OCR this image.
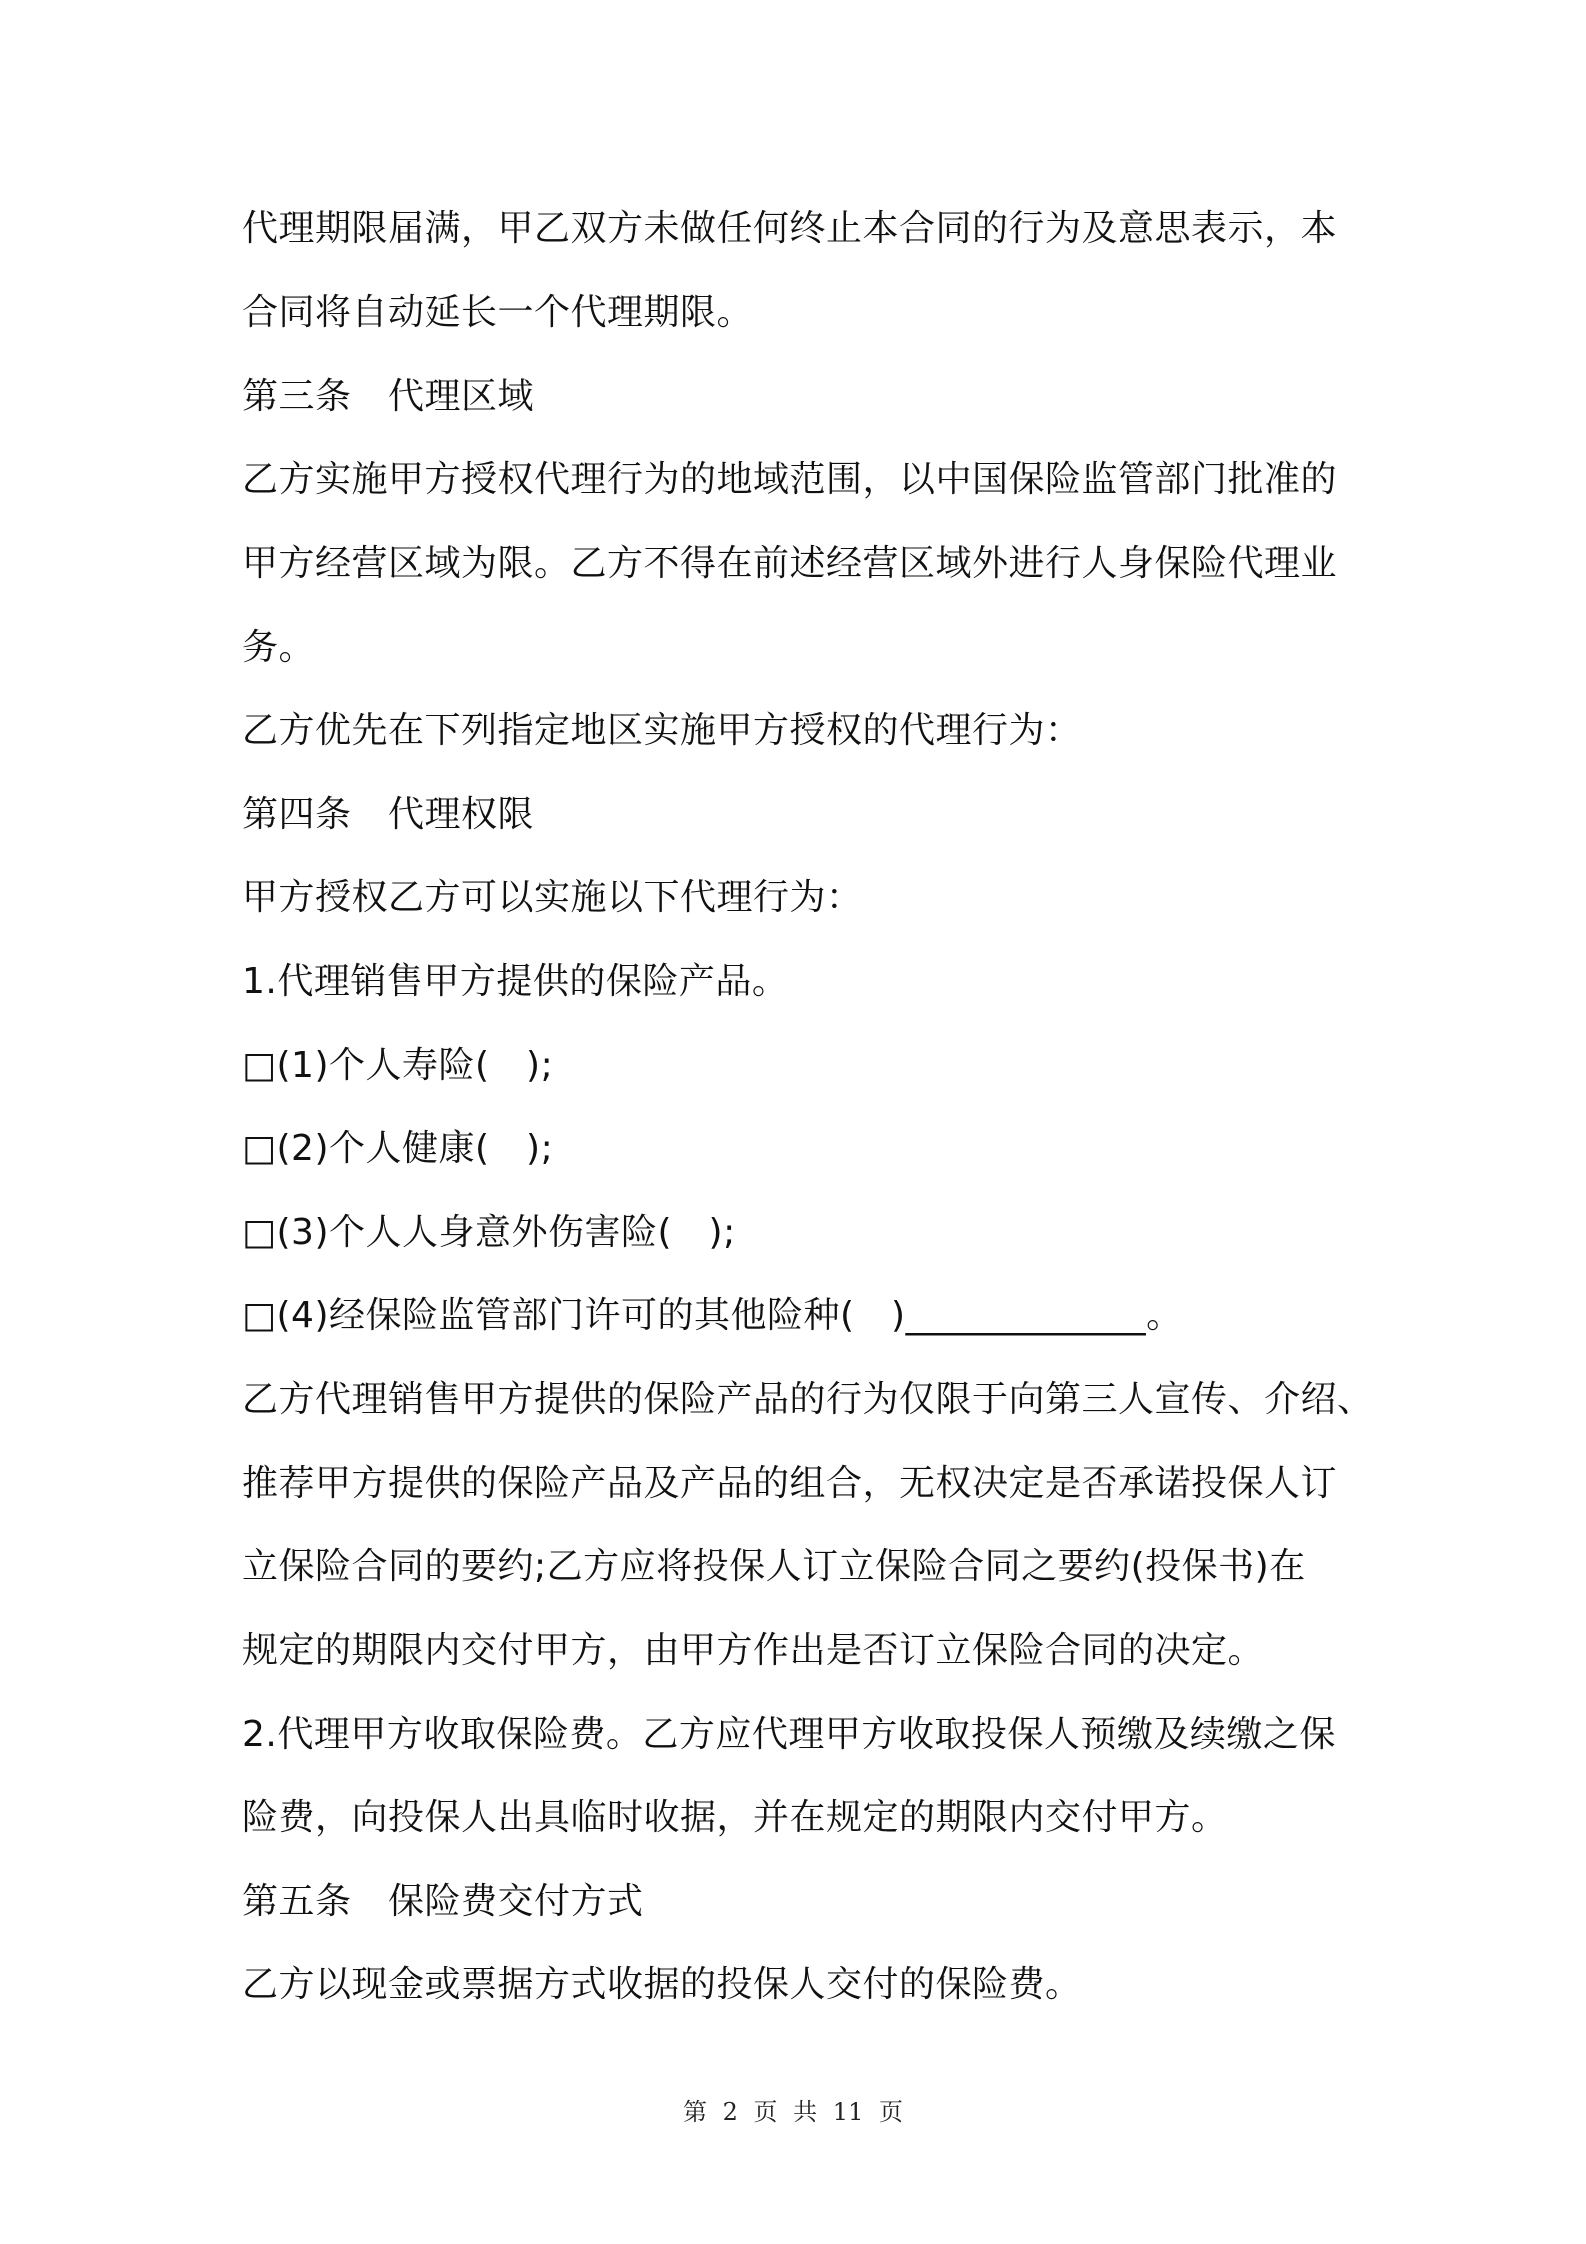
代理期限届满，甲乙双方未做任何终止本合同的行为及意思表示，本
合同将自动延长一个代理期限。
第三条　代理区域
乙方实施甲方授权代理行为的地域范围，以中国保险监管部门批准的
甲方经营区域为限。乙方不得在前述经营区域外进行人身保险代理业
务。
乙方优先在下列指定地区实施甲方授权的代理行为：
第四条　代理权限
甲方授权乙方可以实施以下代理行为：
1.代理销售甲方提供的保险产品。
□(1)个人寿险(　);
□(2)个人健康(　);
□(3)个人人身意外伤害险(　);
□(4)经保险监管部门许可的其他险种(　)_____________。
乙方代理销售甲方提供的保险产品的行为仅限于向第三人宣传、介绍、
推荐甲方提供的保险产品及产品的组合，无权决定是否承诺投保人订
立保险合同的要约;乙方应将投保人订立保险合同之要约(投保书)在
规定的期限内交付甲方，由甲方作出是否订立保险合同的决定。
2.代理甲方收取保险费。乙方应代理甲方收取投保人预缴及续缴之保
险费，向投保人出具临时收据，并在规定的期限内交付甲方。
第五条　保险费交付方式
乙方以现金或票据方式收据的投保人交付的保险费。
第 2 页 共 11 页
